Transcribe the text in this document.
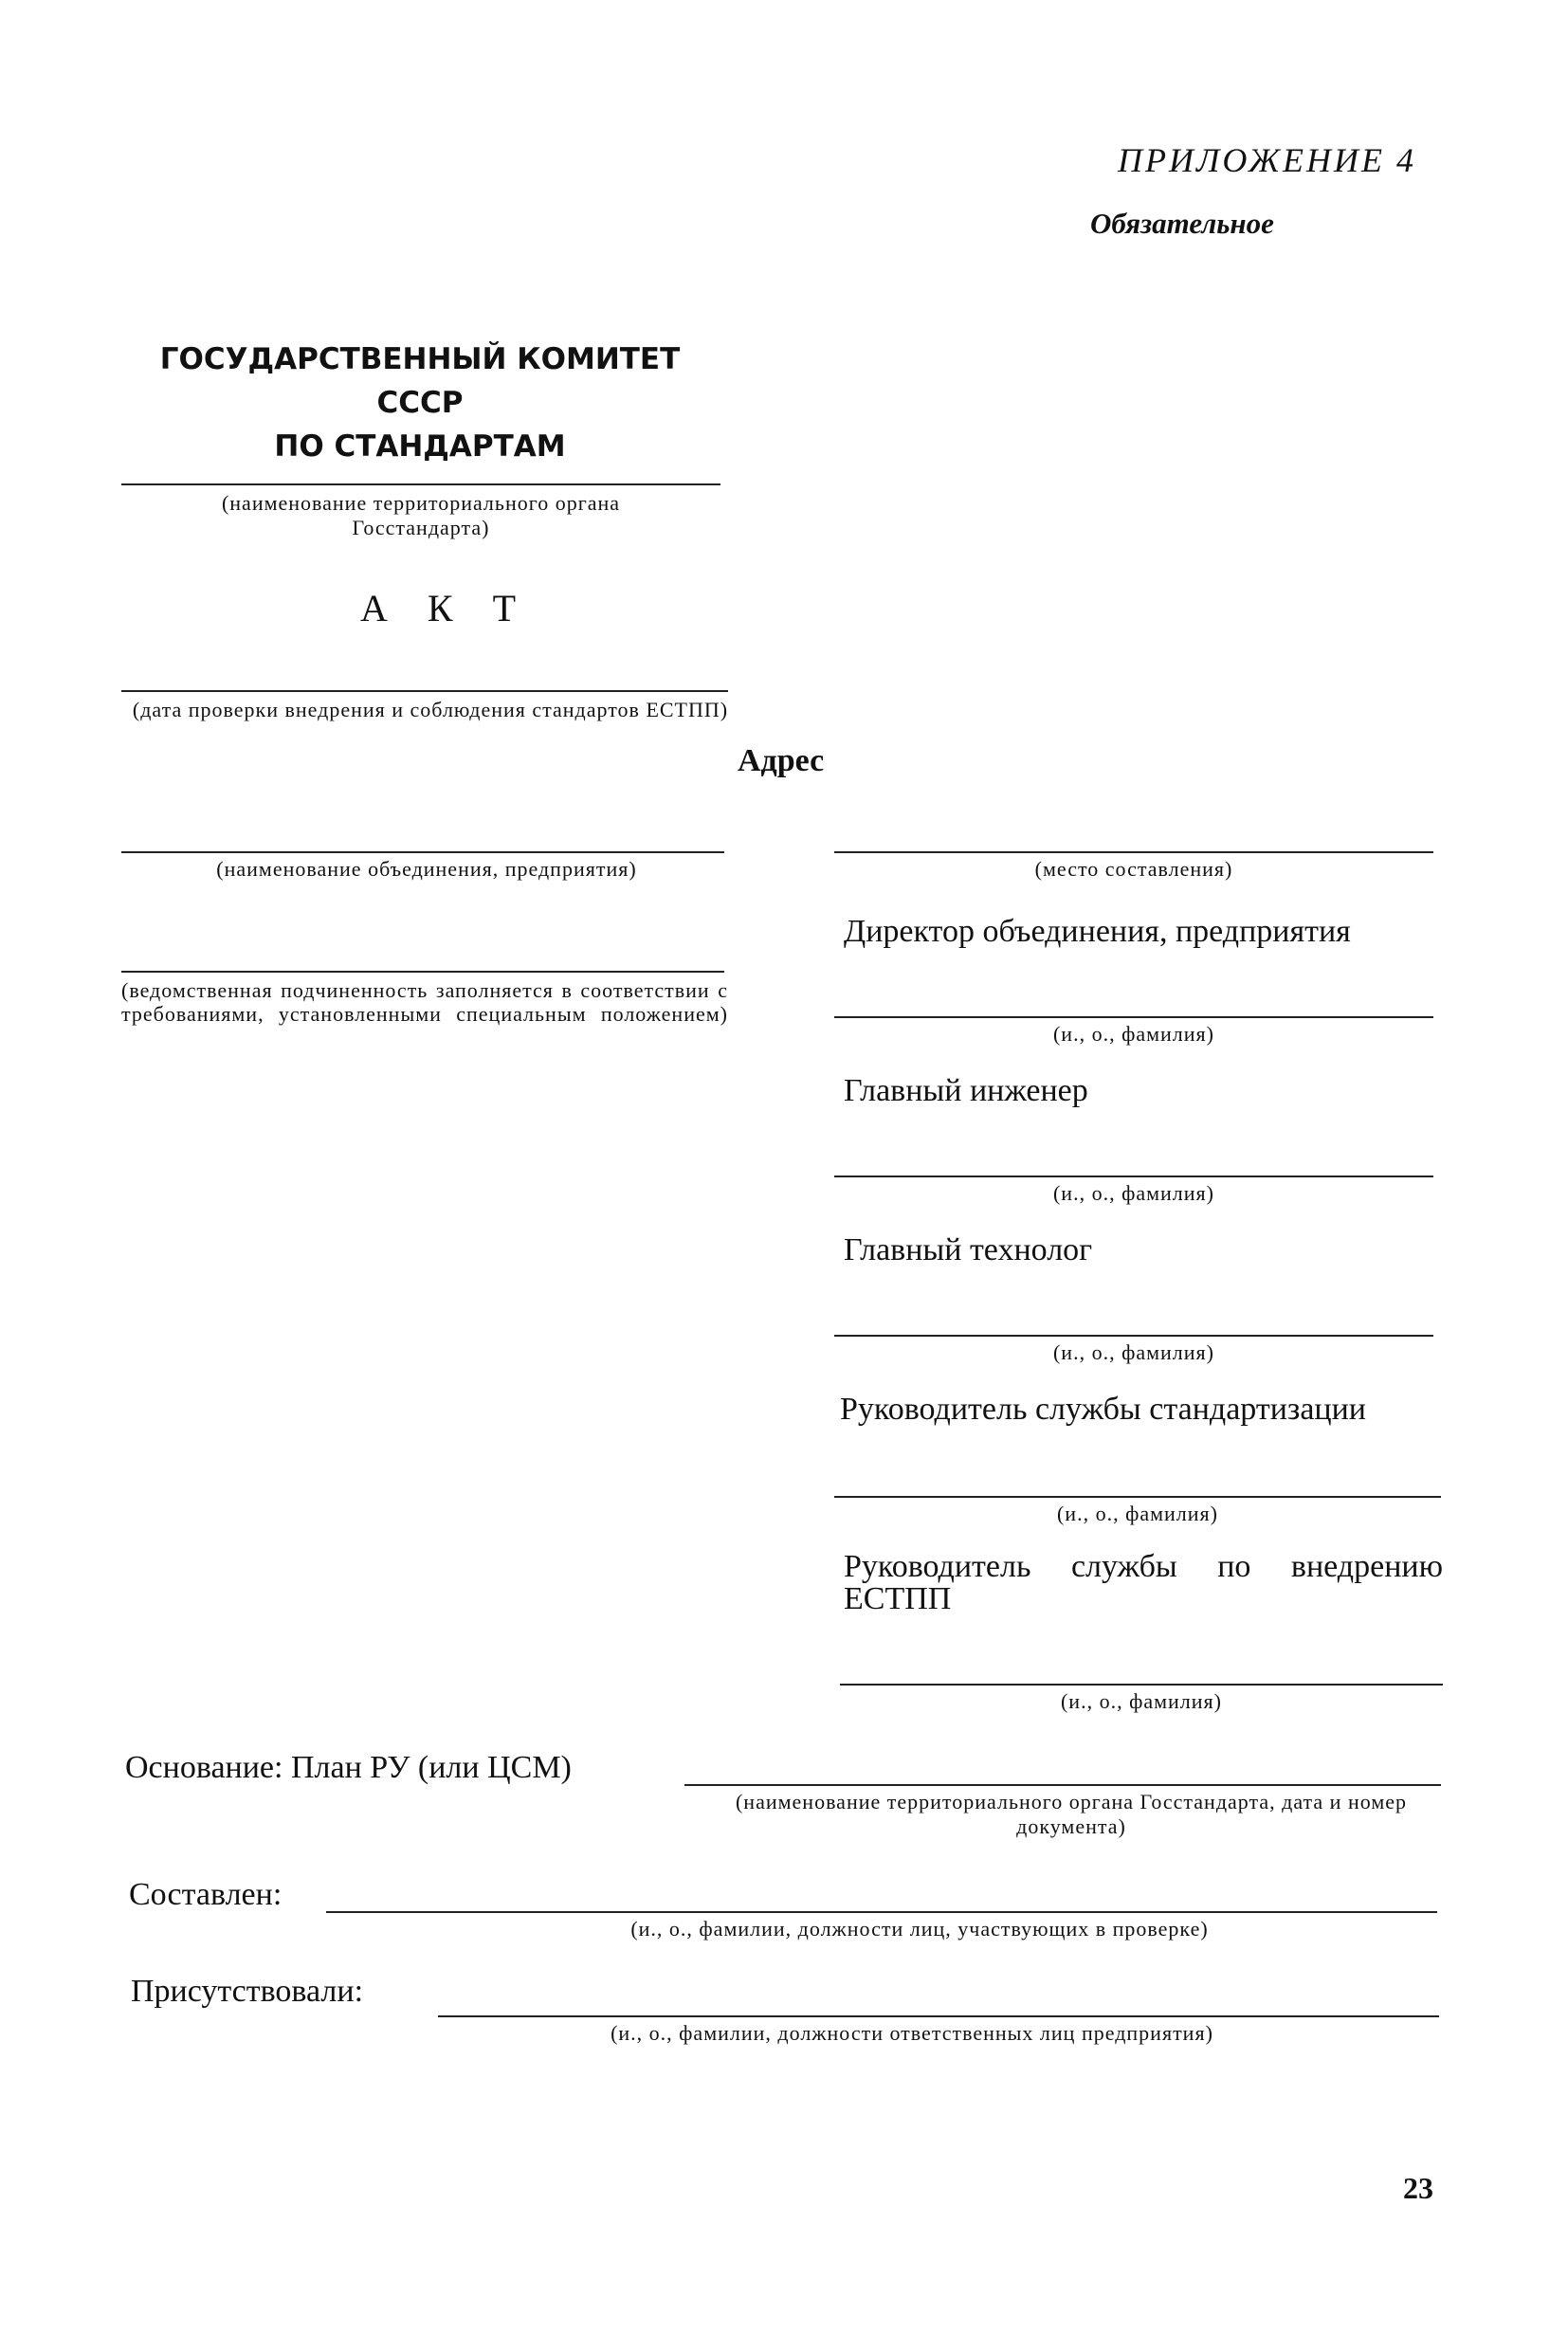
ПРИЛОЖЕНИЕ 4
Обязательное
ГОСУДАРСТВЕННЫЙ КОМИТЕТ СССР
ПО СТАНДАРТАМ
(наименование территориального органа Госстандарта)
А К Т
(дата проверки внедрения и соблюдения стандартов ЕСТПП)
(наименование объединения, предприятия)
(ведомственная подчиненность заполняется в соответствии с требованиями, установленными специальным положением)
Адрес
(место составления)
Директор объединения, предприятия
(и., о., фамилия)
Главный инженер
(и., о., фамилия)
Главный технолог
(и., о., фамилия)
Руководитель службы стандартизации
(и., о., фамилия)
Руководитель службы по внедрению ЕСТПП
(и., о., фамилия)
Основание: План РУ (или ЦСМ)
(наименование территориального органа Госстандарта, дата и номер документа)
Составлен:
(и., о., фамилии, должности лиц, участвующих в проверке)
Присутствовали:
(и., о., фамилии, должности ответственных лиц предприятия)
23
